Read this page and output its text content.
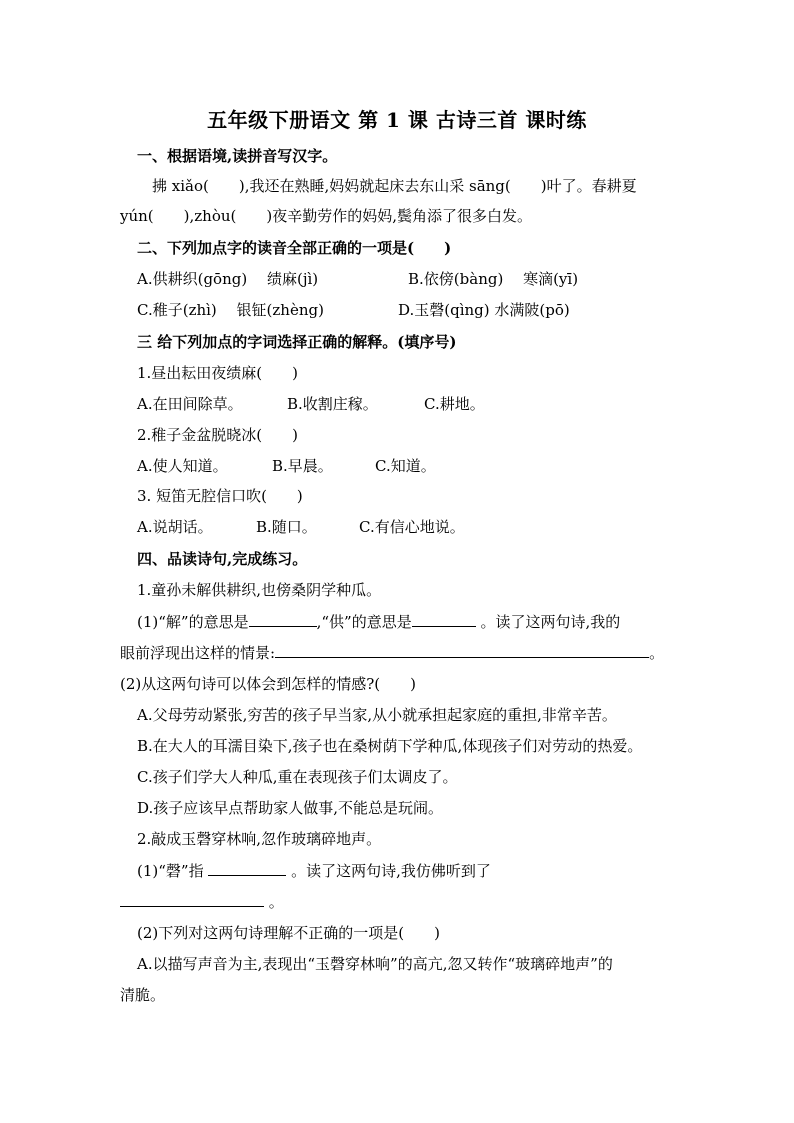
五年级下册语文 第 1 课 古诗三首 课时练
一、根据语境,读拼音写汉字。
拂 xiǎo(　　),我还在熟睡,妈妈就起床去东山采 sāng(　　)叶了。春耕夏
yún(　　),zhòu(　　)夜辛勤劳作的妈妈,鬓角添了很多白发。
二、下列加点字的读音全部正确的一项是(　　)
A.供耕织(gōng)　 绩麻(jì)	B.依傍(bàng)　 寒滴(yī)
C.稚子(zhì)　 银钲(zhèng)	D.玉磬(qìng) 水满陂(pō)
三 给下列加点的字词选择正确的解释。(填序号)
1.昼出耘田夜绩麻(　　)
A.在田间除草。	B.收割庄稼。	C.耕地。
2.稚子金盆脱晓冰(　　)
A.使人知道。	B.早晨。	C.知道。
3. 短笛无腔信口吹(　　)
A.说胡话。	B.随口。	C.有信心地说。
四、品读诗句,完成练习。
1.童孙未解供耕织,也傍桑阴学种瓜。
(1)“解”的意思是	,“供”的意思是	。读了这两句诗,我的
眼前浮现出这样的情景:	。
(2)从这两句诗可以体会到怎样的情感?(　　)
A.父母劳动紧张,穷苦的孩子早当家,从小就承担起家庭的重担,非常辛苦。
B.在大人的耳濡目染下,孩子也在桑树荫下学种瓜,体现孩子们对劳动的热爱。
C.孩子们学大人种瓜,重在表现孩子们太调皮了。
D.孩子应该早点帮助家人做事,不能总是玩闹。
2.敲成玉磬穿林响,忽作玻璃碎地声。
(1)“磬”指	。读了这两句诗,我仿佛听到了
。
(2)下列对这两句诗理解不正确的一项是(　　)
A.以描写声音为主,表现出“玉磬穿林响”的高亢,忽又转作“玻璃碎地声”的
清脆。
